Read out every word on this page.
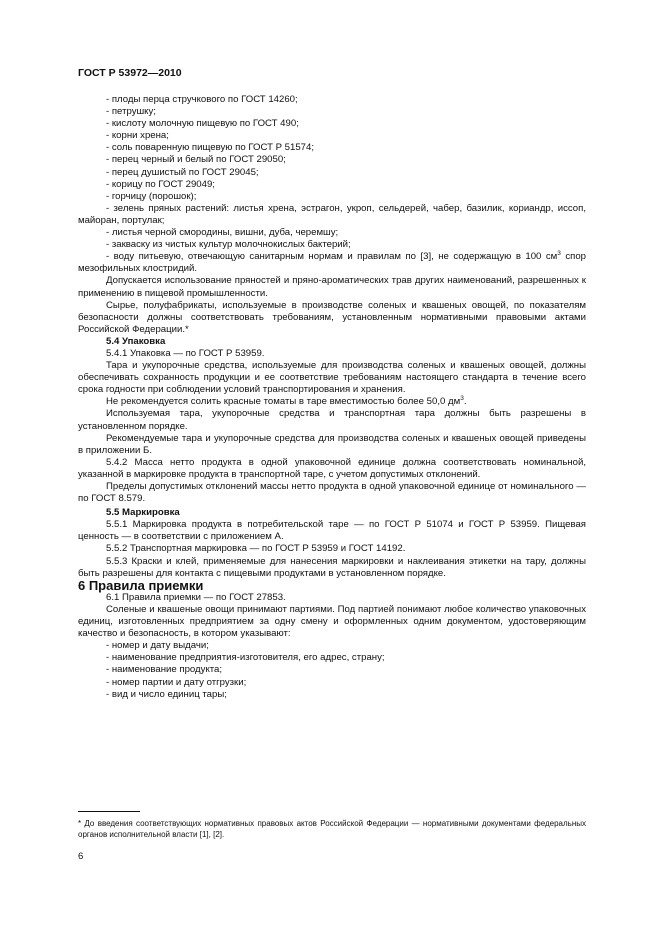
ГОСТ Р 53972—2010

- плоды перца стручкового по ГОСТ 14260;

- петрушку;

- кислоту молочную пищевую по ГОСТ 490;

- корни хрена;

- соль поваренную пищевую по ГОСТ Р 51574;

- перец черный и белый по ГОСТ 29050;

- перец душистый по ГОСТ 29045;

- корицу по ГОСТ 29049;

- горчицу (порошок);

- зелень пряных растений: листья хрена, эстрагон, укроп, сельдерей, чабер, базилик, кориандр, иссоп, майоран, портулак;

- листья черной смородины, вишни, дуба, черемшу;

- закваску из чистых культур молочнокислых бактерий;

- воду питьевую, отвечающую санитарным нормам и правилам по [3], не содержащую в 100 $см^3$ спор мезофильных клостридий.

Допускается использование пряностей и пряно-ароматических трав других наименований, разрешенных к применению в пищевой промышленности.

Сырье, полуфабрикаты, используемые в производстве соленых и квашеных овощей, по показателям безопасности должны соответствовать требованиям, установленным нормативными правовыми актами Российской Федерации.*

5.4 Упаковка

5.4.1 Упаковка — по ГОСТ Р 53959.

Тара и укупорочные средства, используемые для производства соленых и квашеных овощей, должны обеспечивать сохранность продукции и ее соответствие требованиям настоящего стандарта в течение всего срока годности при соблюдении условий транспортирования и хранения.

Не рекомендуется солить красные томаты в таре вместимостью более 50,0 $дм^3$.

Используемая тара, укупорочные средства и транспортная тара должны быть разрешены в установленном порядке.

Рекомендуемые тара и укупорочные средства для производства соленых и квашеных овощей приведены в приложении Б.

5.4.2 Масса нетто продукта в одной упаковочной единице должна соответствовать номинальной, указанной в маркировке продукта в транспортной таре, с учетом допустимых отклонений.

Пределы допустимых отклонений массы нетто продукта в одной упаковочной единице от номинального — по ГОСТ 8.579.

5.5 Маркировка

5.5.1 Маркировка продукта в потребительской таре — по ГОСТ Р 51074 и ГОСТ Р 53959. Пищевая ценность — в соответствии с приложением А.

5.5.2 Транспортная маркировка — по ГОСТ Р 53959 и ГОСТ 14192.

5.5.3 Краски и клей, применяемые для нанесения маркировки и наклеивания этикетки на тару, должны быть разрешены для контакта с пищевыми продуктами в установленном порядке.

6 Правила приемки

6.1 Правила приемки — по ГОСТ 27853.

Соленые и квашеные овощи принимают партиями. Под партией понимают любое количество упаковочных единиц, изготовленных предприятием за одну смену и оформленных одним документом, удостоверяющим качество и безопасность, в котором указывают:

- номер и дату выдачи;

- наименование предприятия-изготовителя, его адрес, страну;

- наименование продукта;

- номер партии и дату отгрузки;

- вид и число единиц тары;

* До введения соответствующих нормативных правовых актов Российской Федерации — нормативными документами федеральных органов исполнительной власти [1], [2].
6
